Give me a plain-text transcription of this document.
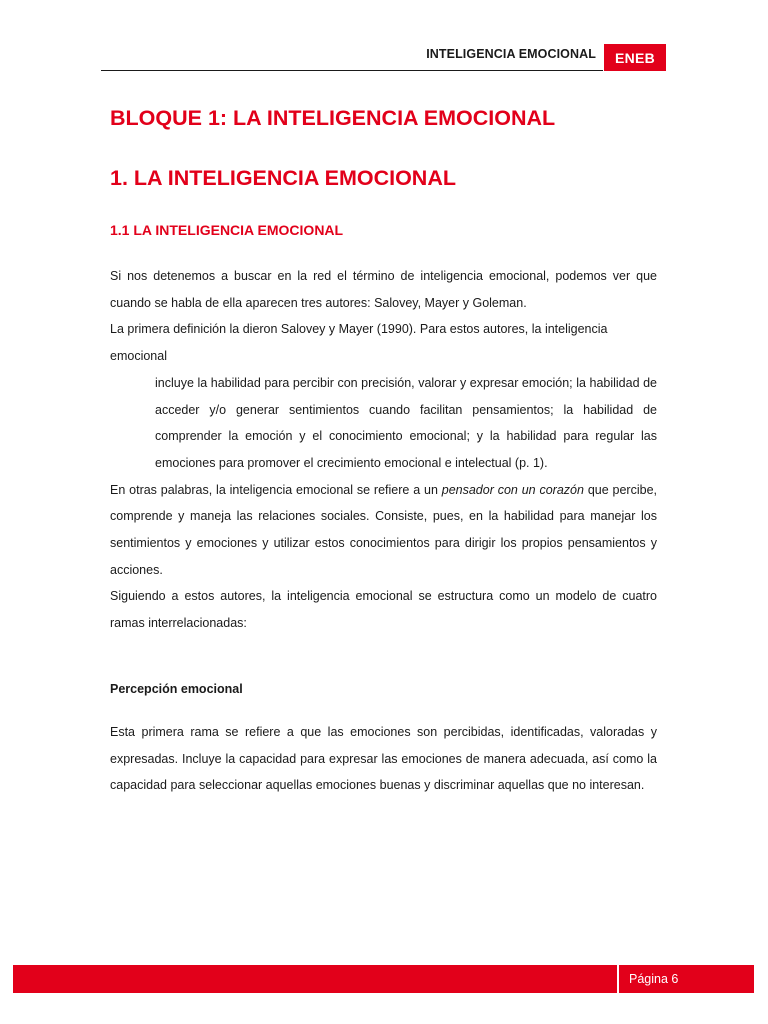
INTELIGENCIA EMOCIONAL	ENEB
BLOQUE 1: LA INTELIGENCIA EMOCIONAL
1. LA INTELIGENCIA EMOCIONAL
1.1 LA INTELIGENCIA EMOCIONAL

Si nos detenemos a buscar en la red el término de inteligencia emocional, podemos ver que cuando se habla de ella aparecen tres autores: Salovey, Mayer y Goleman.

La primera definición la dieron Salovey y Mayer (1990). Para estos autores, la inteligencia emocional

incluye la habilidad para percibir con precisión, valorar y expresar emoción; la habilidad de acceder y/o generar sentimientos cuando facilitan pensamientos; la habilidad de comprender la emoción y el conocimiento emocional; y la habilidad para regular las emociones para promover el crecimiento emocional e intelectual (p. 1).

En otras palabras, la inteligencia emocional se refiere a un pensador con un corazón que percibe, comprende y maneja las relaciones sociales. Consiste, pues, en la habilidad para manejar los sentimientos y emociones y utilizar estos conocimientos para dirigir los propios pensamientos y acciones.

Siguiendo a estos autores, la inteligencia emocional se estructura como un modelo de cuatro ramas interrelacionadas:

Percepción emocional

Esta primera rama se refiere a que las emociones son percibidas, identificadas, valoradas y expresadas. Incluye la capacidad para expresar las emociones de manera adecuada, así como la capacidad para seleccionar aquellas emociones buenas y discriminar aquellas que no interesan.

Página 6
